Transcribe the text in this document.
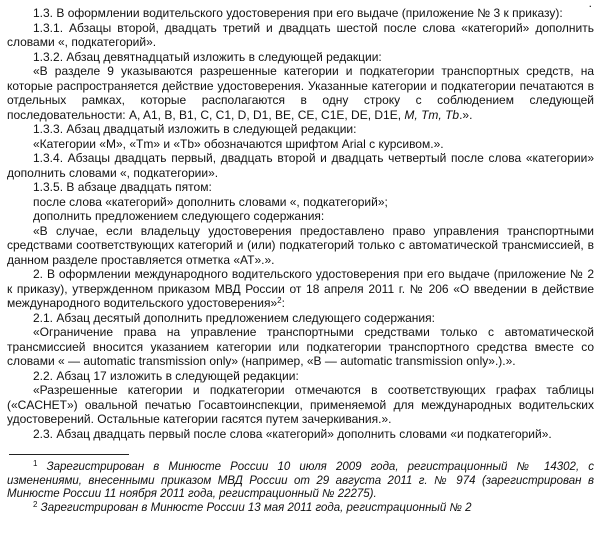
.

1.3. В оформлении водительского удостоверения при его выдаче (приложение № 3 к приказу):

1.3.1. Абзацы второй, двадцать третий и двадцать шестой после слова «категорий» дополнить словами «, подкатегорий».

1.3.2. Абзац девятнадцатый изложить в следующей редакции:

«В разделе 9 указываются разрешенные категории и подкатегории транспортных средств, на которые распространяется действие удостоверения. Указанные категории и подкатегории печатаются в отдельных рамках, которые располагаются в одну строку с соблюдением следующей последовательности: A, A1, B, B1, C, C1, D, D1, BE, CE, C1E, DE, D1E, M, Tm, Tb.».

1.3.3. Абзац двадцатый изложить в следующей редакции:

«Категории «M», «Tm» и «Tb» обозначаются шрифтом Arial с курсивом.».

1.3.4. Абзацы двадцать первый, двадцать второй и двадцать четвертый после слова «категории» дополнить словами «, подкатегории».

1.3.5. В абзаце двадцать пятом:

после слова «категорий» дополнить словами «, подкатегорий»;

дополнить предложением следующего содержания:

«В случае, если владельцу удостоверения предоставлено право управления транспортными средствами соответствующих категорий и (или) подкатегорий только с автоматической трансмиссией, в данном разделе проставляется отметка «AT».».

2. В оформлении международного водительского удостоверения при его выдаче (приложение № 2 к приказу), утвержденном приказом МВД России от 18 апреля 2011 г. № 206 «О введении в действие международного водительского удостоверения»$^2$:

2.1. Абзац десятый дополнить предложением следующего содержания:

«Ограничение права на управление транспортными средствами только с автоматической трансмиссией вносится указанием категории или подкатегории транспортного средства вместе со словами « — automatic transmission only» (например, «B — automatic transmission only».).».

2.2. Абзац 17 изложить в следующей редакции:

«Разрешенные категории и подкатегории отмечаются в соответствующих графах таблицы («CACHET») овальной печатью Госавтоинспекции, применяемой для международных водительских удостоверений. Остальные категории гасятся путем зачеркивания.».

2.3. Абзац двадцать первый после слова «категорий» дополнить словами «и подкатегорий».

$^1$ Зарегистрирован в Минюсте России 10 июля 2009 года, регистрационный № 14302, с изменениями, внесенными приказом МВД России от 29 августа 2011 г. № 974 (зарегистрирован в Минюсте России 11 ноября 2011 года, регистрационный № 22275).

$^2$ Зарегистрирован в Минюсте России 13 мая 2011 года, регистрационный № 2
